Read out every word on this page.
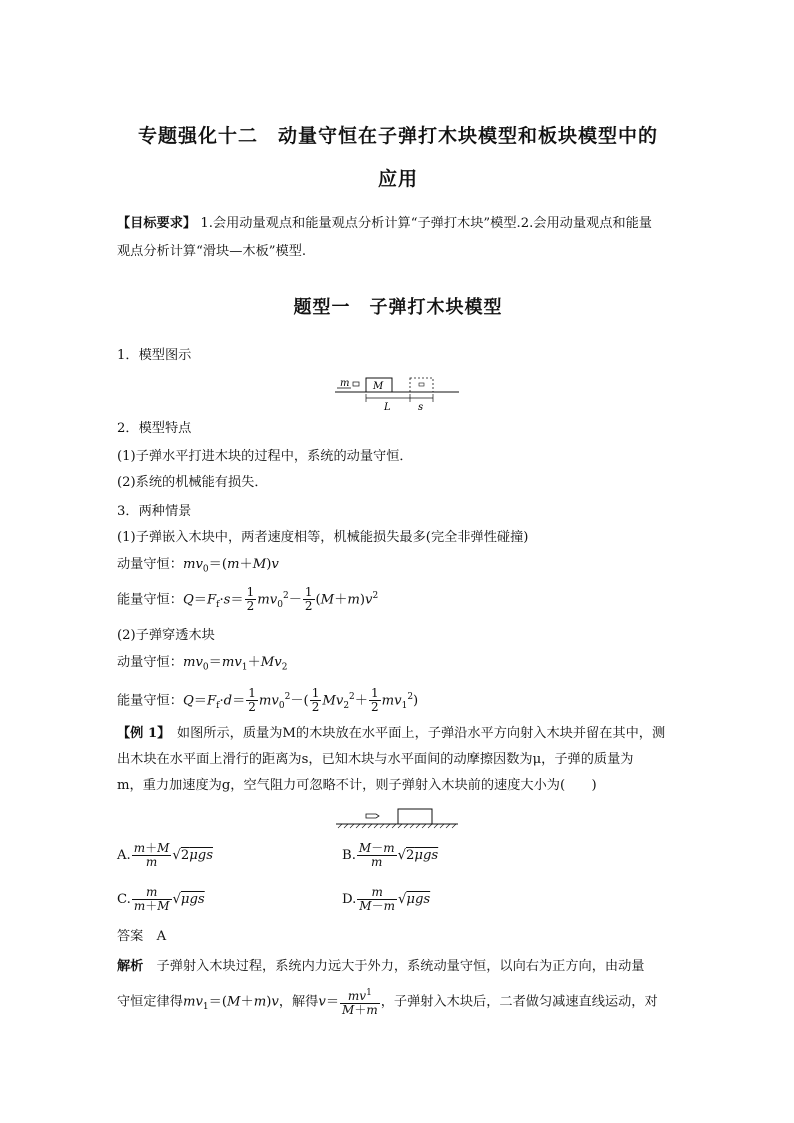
专题强化十二　动量守恒在子弹打木块模型和板块模型中的
应用
【目标要求】 1.会用动量观点和能量观点分析计算“子弹打木块”模型.2.会用动量观点和能量
观点分析计算“滑块—木板”模型.
题型一　子弹打木块模型
1．模型图示
m M
L	s
2．模型特点
(1)子弹水平打进木块的过程中，系统的动量守恒．
(2)系统的机械能有损失．
3．两种情景
(1)子弹嵌入木块中，两者速度相等，机械能损失最多(完全非弹性碰撞)
动量守恒：$mv_0=(m+M)v$
能量守恒：$Q=F_f\cdot s= \frac{1}{2} mv_0^2- \frac{1}{2} (M+m)v^2$
(2)子弹穿透木块
动量守恒：$mv_0=mv_1+Mv_2$
能量守恒：$Q=F_f\cdot d= \frac{1}{2} mv_0^2-( \frac{1}{2} Mv_2^2+ \frac{1}{2} mv_1^2)$
【例 1】　如图所示，质量为M的木块放在水平面上，子弹沿水平方向射入木块并留在其中，测
出木块在水平面上滑行的距离为s，已知木块与水平面间的动摩擦因数为μ，子弹的质量为
m，重力加速度为g，空气阻力可忽略不计，则子弹射入木块前的速度大小为(　　)
A. $\frac{m+M}{m} √2\mu gs$	B. $\frac{M-m}{m} √2\mu gs$
C. $\frac{m}{m+M} √\mu gs$	D. $\frac{m}{M-m} √\mu gs$
答案　 A
解析　子弹射入木块过程，系统内力远大于外力，系统动量守恒，以向右为正方向，由动量
守恒定律得$mv_1=(M+m)v$，解得$v= \frac{mv^1}{M+m}$ ，子弹射入木块后，二者做匀减速直线运动，对
